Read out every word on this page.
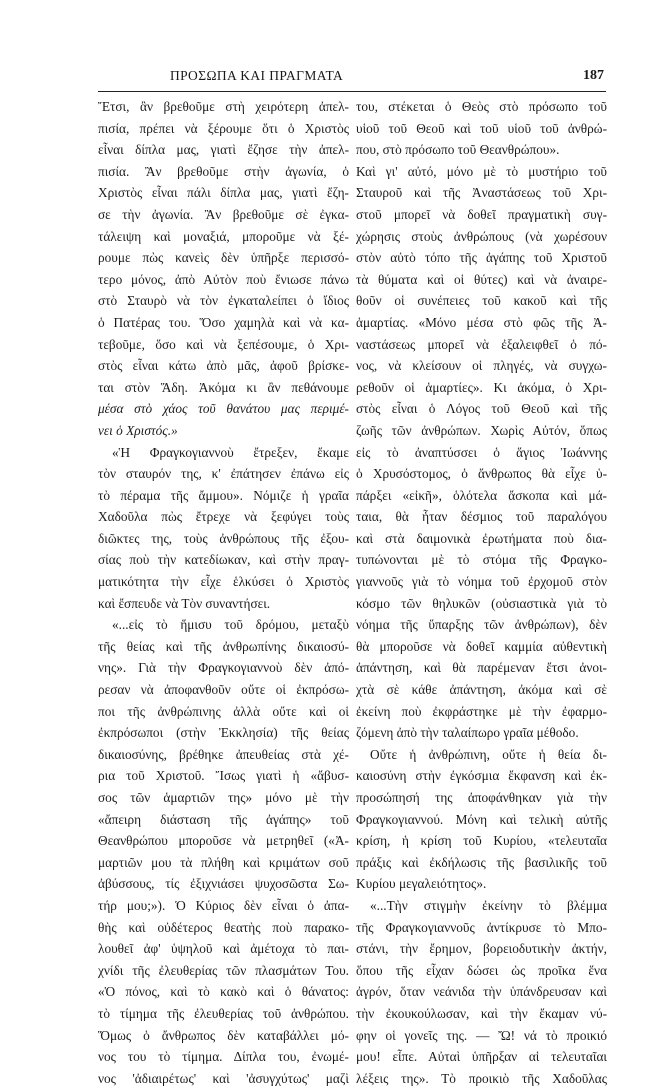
ΠΡΟΣΩΠΑ ΚΑΙ ΠΡΑΓΜΑΤΑ	187
Ἔτσι, ἂν βρεθοῦμε στὴ χειρότερη ἀπελ-
πισία, πρέπει νὰ ξέρουμε ὅτι ὁ Χριστὸς
εἶναι δίπλα μας, γιατὶ ἔζησε τὴν ἀπελ-
πισία. Ἂν βρεθοῦμε στὴν ἀγωνία, ὁ
Χριστὸς εἶναι πάλι δίπλα μας, γιατὶ ἔζη-
σε τὴν ἀγωνία. Ἂν βρεθοῦμε σὲ ἐγκα-
τάλειψη καὶ μοναξιά, μποροῦμε νὰ ξέ-
ρουμε πὼς κανεὶς δὲν ὑπῆρξε περισσό-
τερο μόνος, ἀπὸ Αὐτὸν ποὺ ἔνιωσε πάνω
στὸ Σταυρὸ νὰ τὸν ἐγκαταλείπει ὁ ἴδιος
ὁ Πατέρας του. Ὅσο χαμηλὰ καὶ νὰ κα-
τεβοῦμε, ὅσο καὶ νὰ ξεπέσουμε, ὁ Χρι-
στὸς εἶναι κάτω ἀπὸ μᾶς, ἀφοῦ βρίσκε-
ται στὸν Ἅδη. Ἀκόμα κι ἂν πεθάνουμε
μέσα στὸ χάος τοῦ θανάτου μας περιμέ-
νει ὁ Χριστός.»
«Ἡ Φραγκογιαννοὺ ἔτρεξεν, ἔκαμε
τὸν σταυρόν της, κ' ἐπάτησεν ἐπάνω εἰς
τὸ πέραμα τῆς ἄμμου». Νόμιζε ἡ γραῖα
Χαδοῦλα πὼς ἔτρεχε νὰ ξεφύγει τοὺς
διῶκτες της, τοὺς ἀνθρώπους τῆς ἐξου-
σίας ποὺ τὴν κατεδίωκαν, καὶ στὴν πραγ-
ματικότητα τὴν εἶχε ἑλκύσει ὁ Χριστὸς
καὶ ἔσπευδε νὰ Τὸν συναντήσει.
«...εἰς τὸ ἥμισυ τοῦ δρόμου, μεταξὺ
τῆς θείας καὶ τῆς ἀνθρωπίνης δικαιοσύ-
νης». Γιὰ τὴν Φραγκογιαννοὺ δὲν ἀπό-
ρεσαν νὰ ἀποφανθοῦν οὔτε οἱ ἐκπρόσω-
ποι τῆς ἀνθρώπινης ἀλλὰ οὔτε καὶ οἱ
ἐκπρόσωποι (στὴν Ἐκκλησία) τῆς θείας
δικαιοσύνης, βρέθηκε ἀπευθείας στὰ χέ-
ρια τοῦ Χριστοῦ. Ἴσως γιατὶ ἡ «ἄβυσ-
σος τῶν ἁμαρτιῶν της» μόνο μὲ τὴν
«ἄπειρη διάσταση τῆς ἀγάπης» τοῦ
Θεανθρώπου μποροῦσε νὰ μετρηθεῖ («Ἀ-
μαρτιῶν μου τὰ πλήθη καὶ κριμάτων σοῦ
ἀβύσσους, τίς ἐξιχνιάσει ψυχοσῶστα Σω-
τήρ μου;»). Ὁ Κύριος δὲν εἶναι ὁ ἀπα-
θὴς καὶ οὐδέτερος θεατὴς ποὺ παρακο-
λουθεῖ ἀφ' ὑψηλοῦ καὶ ἀμέτοχα τὸ παι-
χνίδι τῆς ἐλευθερίας τῶν πλασμάτων Του.
«Ὁ πόνος, καὶ τὸ κακὸ καὶ ὁ θάνατος:
τὸ τίμημα τῆς ἐλευθερίας τοῦ ἀνθρώπου.
Ὅμως ὁ ἄνθρωπος δὲν καταβάλλει μό-
νος του τὸ τίμημα. Δίπλα του, ἐνωμέ-
νος 'ἀδιαιρέτως' καὶ 'ἀσυγχύτως' μαζὶ
του, στέκεται ὁ Θεὸς στὸ πρόσωπο τοῦ
υἱοῦ τοῦ Θεοῦ καὶ τοῦ υἱοῦ τοῦ ἀνθρώ-
που, στὸ πρόσωπο τοῦ Θεανθρώπου».
Καὶ γι' αὐτό, μόνο μὲ τὸ μυστήριο τοῦ
Σταυροῦ καὶ τῆς Ἀναστάσεως τοῦ Χρι-
στοῦ μπορεῖ νὰ δοθεῖ πραγματικὴ συγ-
χώρησις στοὺς ἀνθρώπους (νὰ χωρέσουν
στὸν αὐτὸ τόπο τῆς ἀγάπης τοῦ Χριστοῦ
τὰ θύματα καὶ οἱ θύτες) καὶ νὰ ἀναιρε-
θοῦν οἱ συνέπειες τοῦ κακοῦ καὶ τῆς
ἁμαρτίας. «Μόνο μέσα στὸ φῶς τῆς Ἀ-
ναστάσεως μπορεῖ νὰ ἐξαλειφθεῖ ὁ πό-
νος, νὰ κλείσουν οἱ πληγές, νὰ συγχω-
ρεθοῦν οἱ ἁμαρτίες». Κι ἀκόμα, ὁ Χρι-
στὸς εἶναι ὁ Λόγος τοῦ Θεοῦ καὶ τῆς
ζωῆς τῶν ἀνθρώπων. Χωρὶς Αὐτόν, ὅπως
εἰς τὸ ἀναπτύσσει ὁ ἅγιος Ἰωάννης
ὁ Χρυσόστομος, ὁ ἄνθρωπος θὰ εἶχε ὑ-
πάρξει «εἰκῆ», ὁλότελα ἄσκοπα καὶ μά-
ταια, θὰ ἦταν δέσμιος τοῦ παραλόγου
καὶ στὰ δαιμονικὰ ἐρωτήματα ποὺ δια-
τυπώνονται μὲ τὸ στόμα τῆς Φραγκο-
γιαννοῦς γιὰ τὸ νόημα τοῦ ἐρχομοῦ στὸν
κόσμο τῶν θηλυκῶν (οὐσιαστικὰ γιὰ τὸ
νόημα τῆς ὕπαρξης τῶν ἀνθρώπων), δὲν
θὰ μποροῦσε νὰ δοθεῖ καμμία αὐθεντικὴ
ἀπάντηση, καὶ θὰ παρέμεναν ἔτσι ἀνοι-
χτὰ σὲ κάθε ἀπάντηση, ἀκόμα καὶ σὲ
ἐκείνη ποὺ ἐκφράστηκε μὲ τὴν ἐφαρμο-
ζόμενη ἀπὸ τὴν ταλαίπωρο γραῖα μέθοδο.
Οὔτε ἡ ἀνθρώπινη, οὔτε ἡ θεία δι-
καιοσύνη στὴν ἐγκόσμια ἔκφανση καὶ ἐκ-
προσώπησή της ἀποφάνθηκαν γιὰ τὴν
Φραγκογιαννού. Μόνη καὶ τελικὴ αὐτῆς
κρίση, ἡ κρίση τοῦ Κυρίου, «τελευταῖα
πράξις καὶ ἐκδήλωσις τῆς βασιλικῆς τοῦ
Κυρίου μεγαλειότητος».
«...Τὴν στιγμὴν ἐκείνην τὸ βλέμμα
τῆς Φραγκογιαννοῦς ἀντίκρυσε τὸ Μπο-
στάνι, τὴν ἔρημον, βορειοδυτικὴν ἀκτήν,
ὅπου τῆς εἶχαν δώσει ὡς προῖκα ἕνα
ἀγρόν, ὅταν νεάνιδα τὴν ὑπάνδρευσαν καὶ
τὴν ἐκουκούλωσαν, καὶ τὴν ἔκαμαν νύ-
φην οἱ γονεῖς της. — Ὤ! νά τὸ προικιό
μου! εἶπε. Αὐταὶ ὑπῆρξαν αἱ τελευταῖαι
λέξεις της». Τὸ προικιὸ τῆς Χαδοῦλας
